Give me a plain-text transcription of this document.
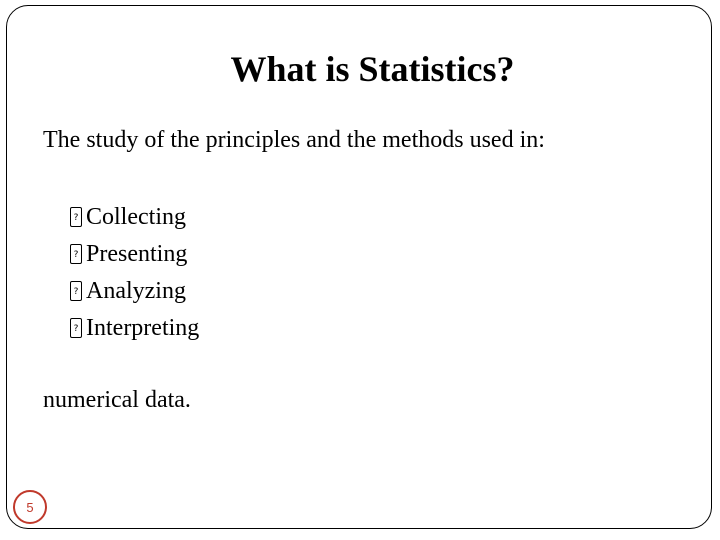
What is Statistics?
The study of the principles and the methods used in:
?
Collecting
?
Presenting
?
Analyzing
?
Interpreting
numerical data.
5
